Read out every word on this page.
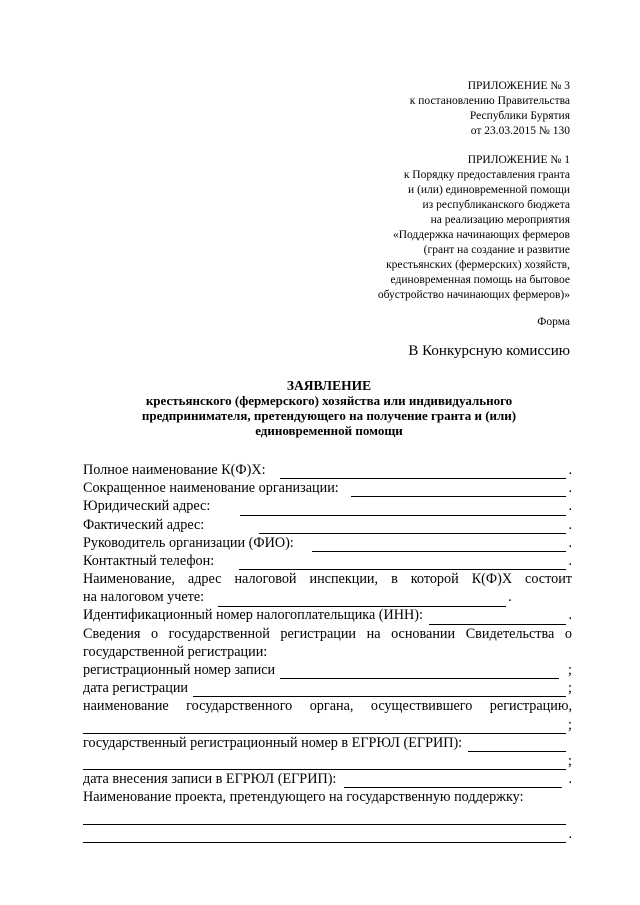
ПРИЛОЖЕНИЕ № 3
к постановлению Правительства
Республики Бурятия
от 23.03.2015 № 130
ПРИЛОЖЕНИЕ № 1
к Порядку предоставления гранта
и (или) единовременной помощи
из республиканского бюджета
на реализацию мероприятия
«Поддержка начинающих фермеров
(грант на создание и развитие
крестьянских (фермерских) хозяйств,
единовременная помощь на бытовое
обустройство начинающих фермеров)»
Форма
В Конкурсную комиссию
ЗАЯВЛЕНИЕ
крестьянского (фермерского) хозяйства или индивидуального
предпринимателя, претендующего на получение гранта и (или)
единовременной помощи
Полное наименование К(Ф)Х:	.
Сокращенное наименование организации:	.
Юридический адрес:	.
Фактический адрес:	.
Руководитель организации (ФИО):	.
Контактный телефон:	.
Наименование, адрес налоговой инспекции, в которой К(Ф)Х состоит
на налоговом учете:	.
Идентификационный номер налогоплательщика (ИНН):	.
Сведения о государственной регистрации на основании Свидетельства о
государственной регистрации:
регистрационный номер записи	;
дата регистрации	;
наименование государственного органа, осуществившего регистрацию,
;
государственный регистрационный номер в ЕГРЮЛ (ЕГРИП):
;
дата внесения записи в ЕГРЮЛ (ЕГРИП):	.
Наименование проекта, претендующего на государственную поддержку:
.
